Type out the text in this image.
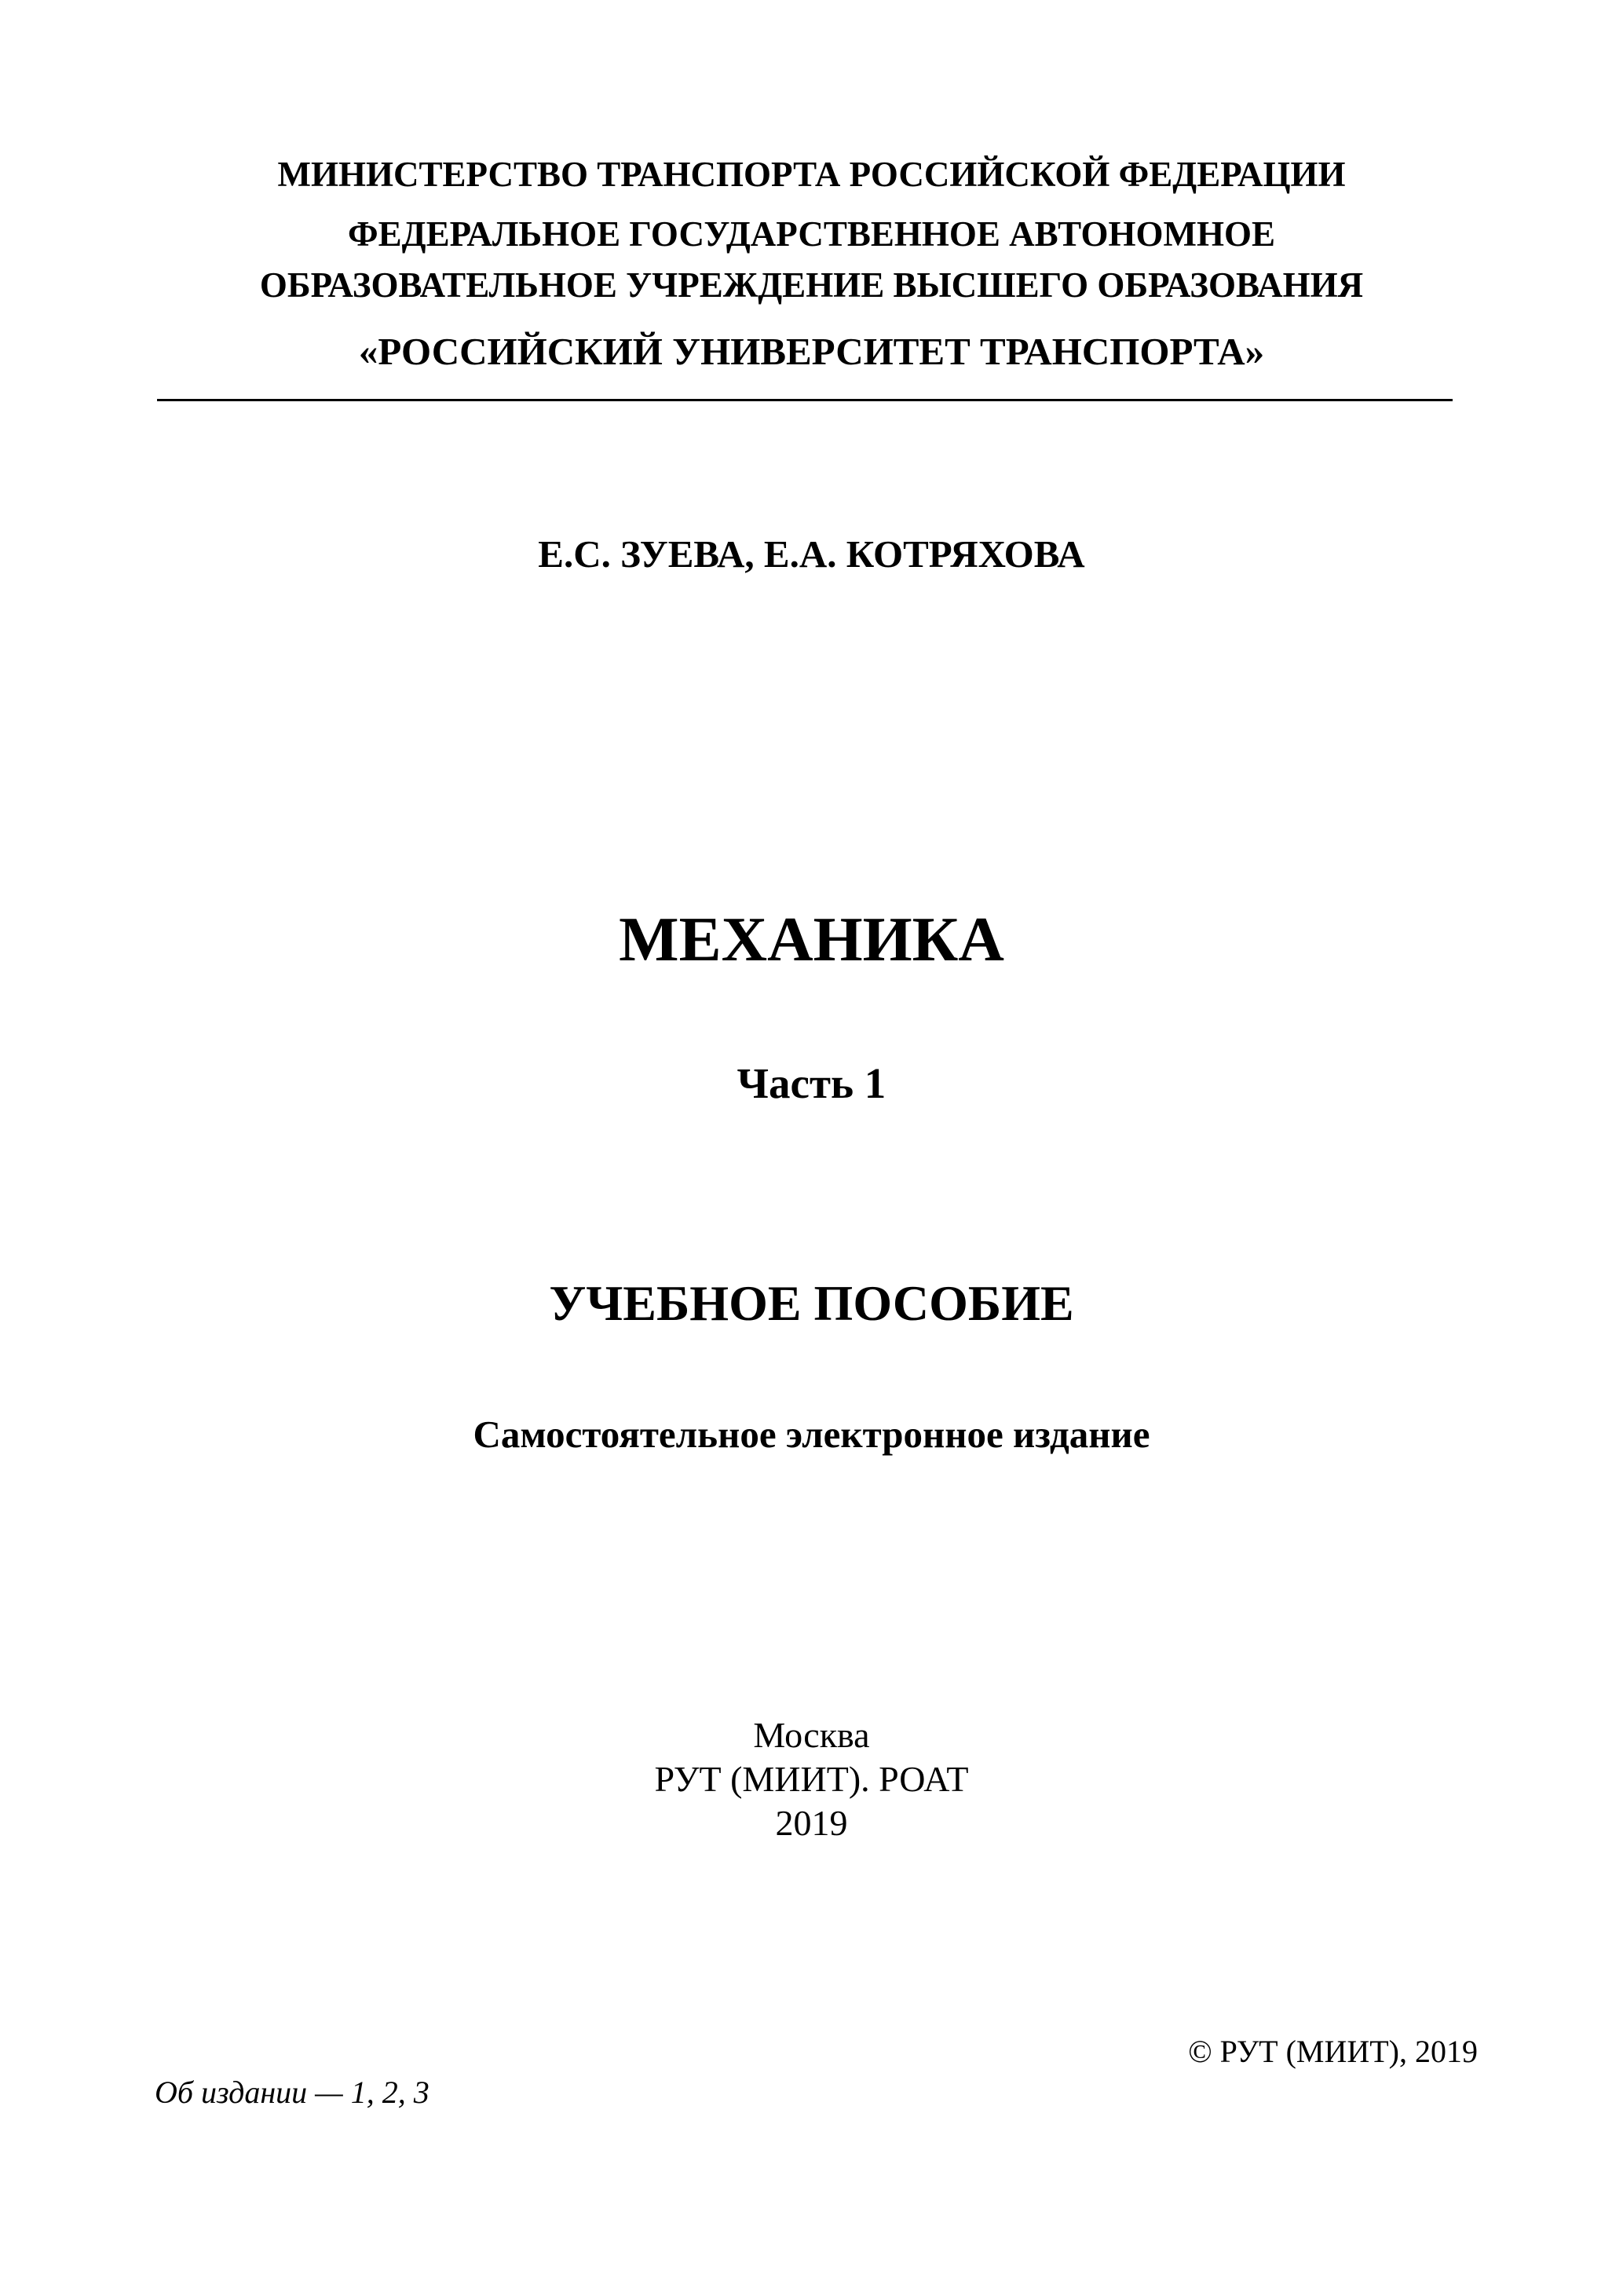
МИНИСТЕРСТВО ТРАНСПОРТА РОССИЙСКОЙ ФЕДЕРАЦИИ
ФЕДЕРАЛЬНОЕ ГОСУДАРСТВЕННОЕ АВТОНОМНОЕ
ОБРАЗОВАТЕЛЬНОЕ УЧРЕЖДЕНИЕ ВЫСШЕГО ОБРАЗОВАНИЯ
«РОССИЙСКИЙ УНИВЕРСИТЕТ ТРАНСПОРТА»
Е.С. ЗУЕВА, Е.А. КОТРЯХОВА
МЕХАНИКА
Часть 1
УЧЕБНОЕ ПОСОБИЕ
Самостоятельное электронное издание
Москва
РУТ (МИИТ). РОАТ
2019
© РУТ (МИИТ), 2019
Об издании — 1, 2, 3
